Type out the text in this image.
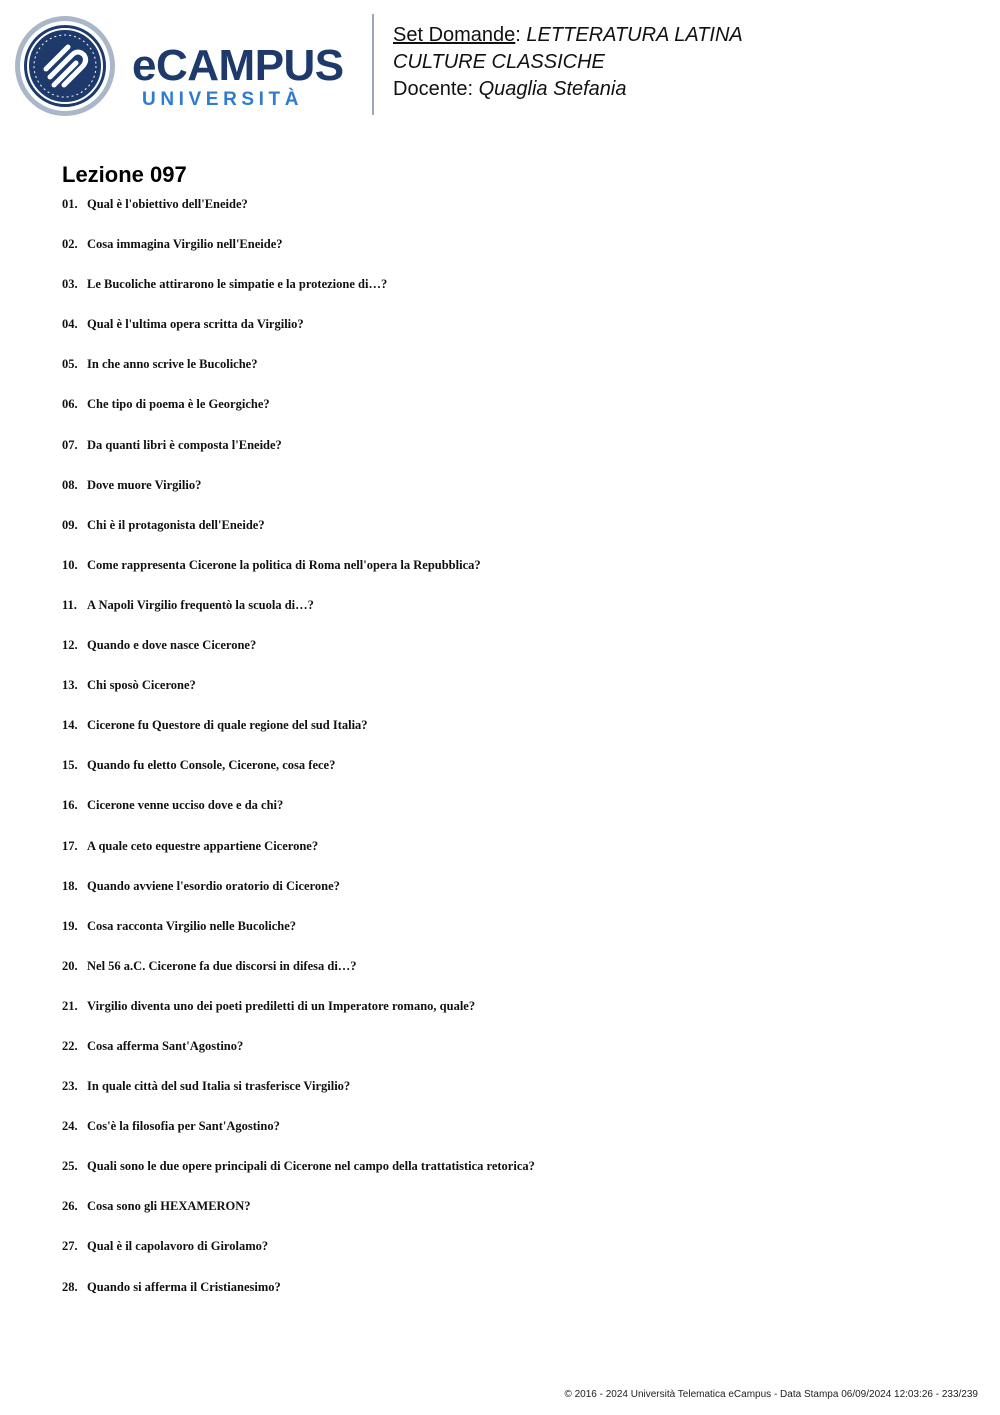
eCAMPUS
UNIVERSITÀ
Set Domande: LETTERATURA LATINA
CULTURE CLASSICHE
Docente: Quaglia Stefania
Lezione 097
01. Qual è l'obiettivo dell'Eneide?
02. Cosa immagina Virgilio nell'Eneide?
03. Le Bucoliche attirarono le simpatie e la protezione di…?
04. Qual è l'ultima opera scritta da Virgilio?
05. In che anno scrive le Bucoliche?
06. Che tipo di poema è le Georgiche?
07. Da quanti libri è composta l'Eneide?
08. Dove muore Virgilio?
09. Chi è il protagonista dell'Eneide?
10. Come rappresenta Cicerone la politica di Roma nell'opera la Repubblica?
11. A Napoli Virgilio frequentò la scuola di…?
12. Quando e dove nasce Cicerone?
13. Chi sposò Cicerone?
14. Cicerone fu Questore di quale regione del sud Italia?
15. Quando fu eletto Console, Cicerone, cosa fece?
16. Cicerone venne ucciso dove e da chi?
17. A quale ceto equestre appartiene Cicerone?
18. Quando avviene l'esordio oratorio di Cicerone?
19. Cosa racconta Virgilio nelle Bucoliche?
20. Nel 56 a.C. Cicerone fa due discorsi in difesa di…?
21. Virgilio diventa uno dei poeti prediletti di un Imperatore romano, quale?
22. Cosa afferma Sant'Agostino?
23. In quale città del sud Italia si trasferisce Virgilio?
24. Cos'è la filosofia per Sant'Agostino?
25. Quali sono le due opere principali di Cicerone nel campo della trattatistica retorica?
26. Cosa sono gli HEXAMERON?
27. Qual è il capolavoro di Girolamo?
28. Quando si afferma il Cristianesimo?
© 2016 - 2024 Università Telematica eCampus - Data Stampa 06/09/2024 12:03:26 - 233/239
